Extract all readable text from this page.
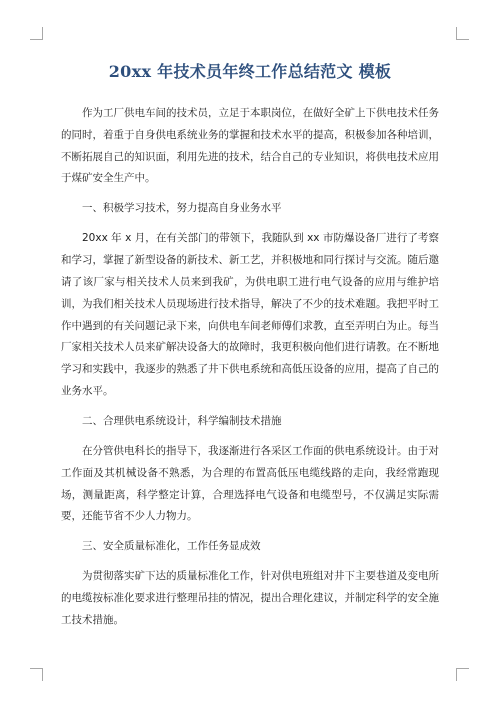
20xx 年技术员年终工作总结范文 模板

作为工厂供电车间的技术员，立足于本职岗位，在做好全矿上下供电技术任务的同时，着重于自身供电系统业务的掌握和技术水平的提高，积极参加各种培训，不断拓展自己的知识面，利用先进的技术，结合自己的专业知识，将供电技术应用于煤矿安全生产中。

一、积极学习技术，努力提高自身业务水平

20xx 年 x 月，在有关部门的带领下，我随队到 xx 市防爆设备厂进行了考察和学习，掌握了新型设备的新技术、新工艺，并积极地和同行探讨与交流。随后邀请了该厂家与相关技术人员来到我矿，为供电职工进行电气设备的应用与维护培训，为我们相关技术人员现场进行技术指导，解决了不少的技术难题。我把平时工作中遇到的有关问题记录下来，向供电车间老师傅们求教，直至弄明白为止。每当厂家相关技术人员来矿解决设备大的故障时，我更积极向他们进行请教。在不断地学习和实践中，我逐步的熟悉了井下供电系统和高低压设备的应用，提高了自己的业务水平。

二、合理供电系统设计，科学编制技术措施

在分管供电科长的指导下，我逐渐进行各采区工作面的供电系统设计。由于对工作面及其机械设备不熟悉，为合理的布置高低压电缆线路的走向，我经常跑现场，测量距离，科学整定计算，合理选择电气设备和电缆型号，不仅满足实际需要，还能节省不少人力物力。

三、安全质量标准化，工作任务显成效

为贯彻落实矿下达的质量标准化工作，针对供电班组对井下主要巷道及变电所的电缆按标准化要求进行整理吊挂的情况，提出合理化建议，并制定科学的安全施工技术措施。
